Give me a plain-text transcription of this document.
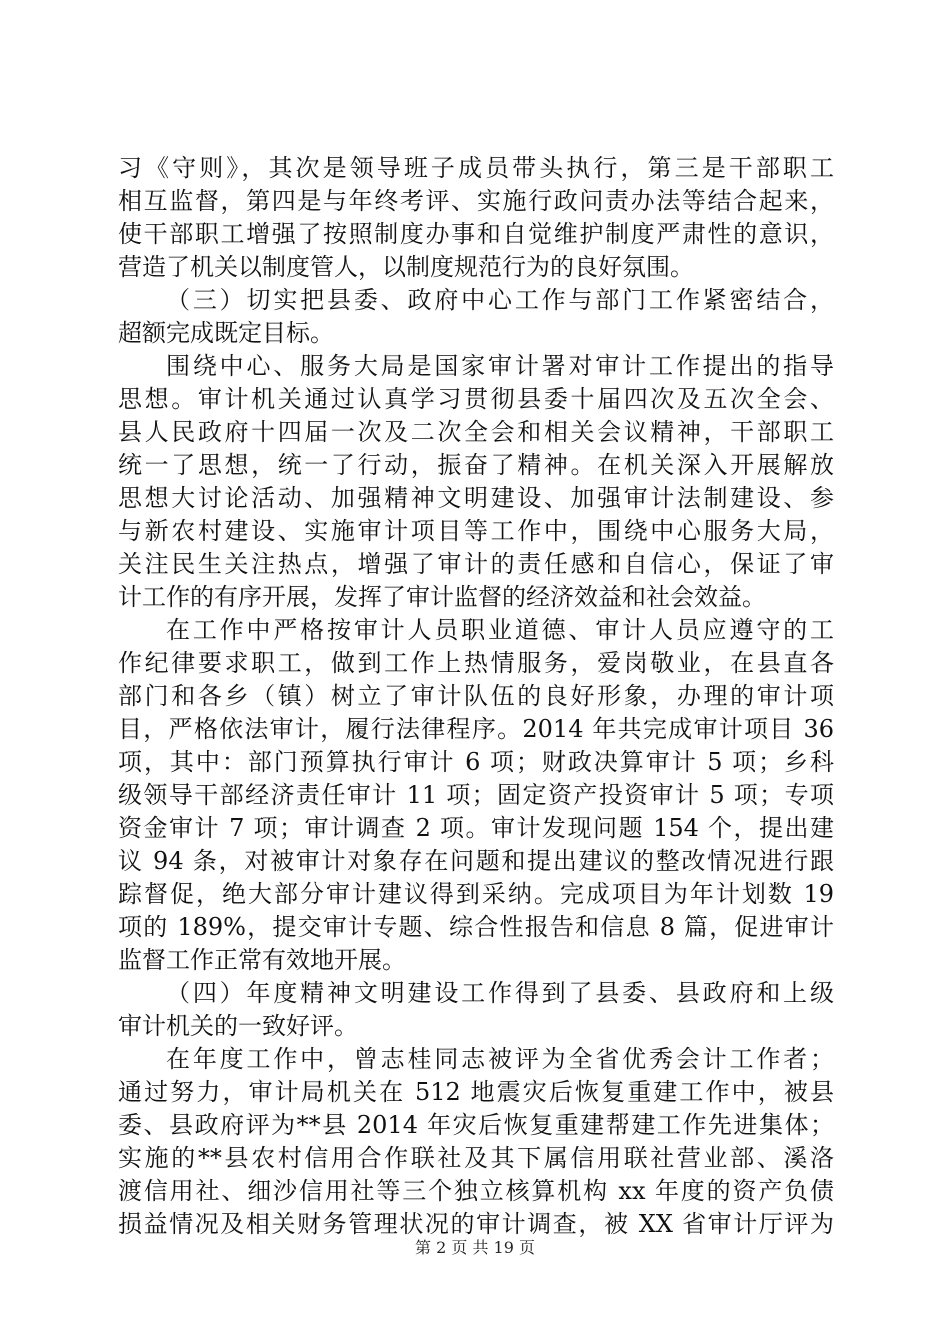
习《守则》，其次是领导班子成员带头执行，第三是干部职工
相互监督，第四是与年终考评、实施行政问责办法等结合起来，
使干部职工增强了按照制度办事和自觉维护制度严肃性的意识，
营造了机关以制度管人，以制度规范行为的良好氛围。
（三）切实把县委、政府中心工作与部门工作紧密结合，
超额完成既定目标。
围绕中心、服务大局是国家审计署对审计工作提出的指导
思想。审计机关通过认真学习贯彻县委十届四次及五次全会、
县人民政府十四届一次及二次全会和相关会议精神，干部职工
统一了思想，统一了行动，振奋了精神。在机关深入开展解放
思想大讨论活动、加强精神文明建设、加强审计法制建设、参
与新农村建设、实施审计项目等工作中，围绕中心服务大局，
关注民生关注热点，增强了审计的责任感和自信心，保证了审
计工作的有序开展，发挥了审计监督的经济效益和社会效益。
在工作中严格按审计人员职业道德、审计人员应遵守的工
作纪律要求职工，做到工作上热情服务，爱岗敬业，在县直各
部门和各乡（镇）树立了审计队伍的良好形象，办理的审计项
目，严格依法审计，履行法律程序。2014 年共完成审计项目 36
项，其中：部门预算执行审计 6 项；财政决算审计 5 项；乡科
级领导干部经济责任审计 11 项；固定资产投资审计 5 项；专项
资金审计 7 项；审计调查 2 项。审计发现问题 154 个，提出建
议 94 条，对被审计对象存在问题和提出建议的整改情况进行跟
踪督促，绝大部分审计建议得到采纳。完成项目为年计划数 19
项的 189%，提交审计专题、综合性报告和信息 8 篇，促进审计
监督工作正常有效地开展。
（四）年度精神文明建设工作得到了县委、县政府和上级
审计机关的一致好评。
在年度工作中，曾志桂同志被评为全省优秀会计工作者；
通过努力，审计局机关在 512 地震灾后恢复重建工作中，被县
委、县政府评为**县 2014 年灾后恢复重建帮建工作先进集体；
实施的**县农村信用合作联社及其下属信用联社营业部、溪洛
渡信用社、细沙信用社等三个独立核算机构 xx 年度的资产负债
损益情况及相关财务管理状况的审计调查，被 XX 省审计厅评为
第 2 页 共 19 页
